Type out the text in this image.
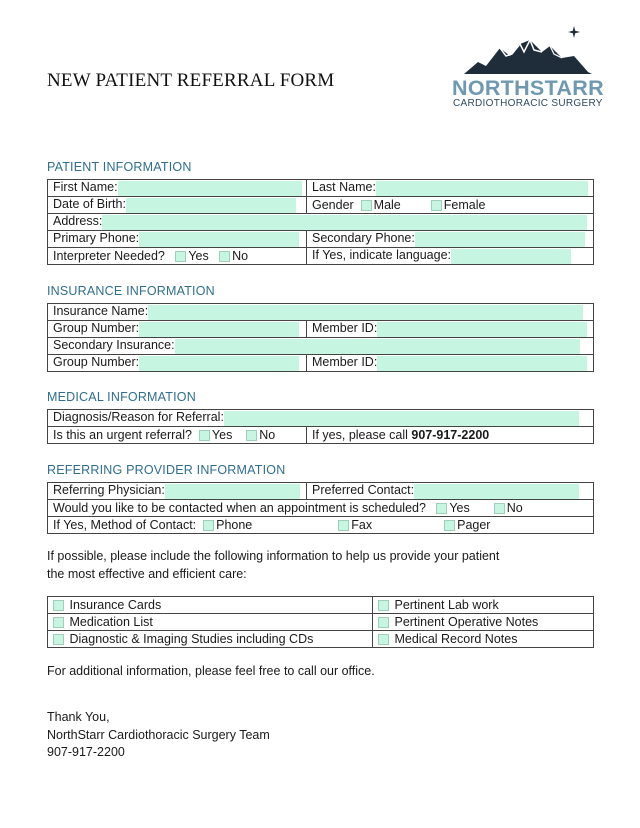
NEW PATIENT REFERRAL FORM	NORTHSTARR
CARDIOTHORACIC SURGERY
PATIENT INFORMATION
First Name:	Last Name:
Date of Birth:	Gender Male Female
Address:	
Primary Phone:	Secondary Phone:
Interpreter Needed? Yes No	If Yes, indicate language:
INSURANCE INFORMATION
Insurance Name:	
Group Number:	Member ID:
Secondary Insurance:	
Group Number:	Member ID:
MEDICAL INFORMATION
Diagnosis/Reason for Referral:
Is this an urgent referral? Yes No	If yes, please call 907-917-2200
REFERRING PROVIDER INFORMATION
Referring Physician:	Preferred Contact:
Would you like to be contacted when an appointment is scheduled? Yes	No
If Yes, Method of Contact: Phone	Fax	Pager
If possible, please include the following information to help us provide your patient
the most effective and efficient care:
Insurance Cards	Pertinent Lab work
Medication List	Pertinent Operative Notes
Diagnostic & Imaging Studies including CDs	Medical Record Notes
For additional information, please feel free to call our office.
Thank You,
NorthStarr Cardiothoracic Surgery Team
907-917-2200
